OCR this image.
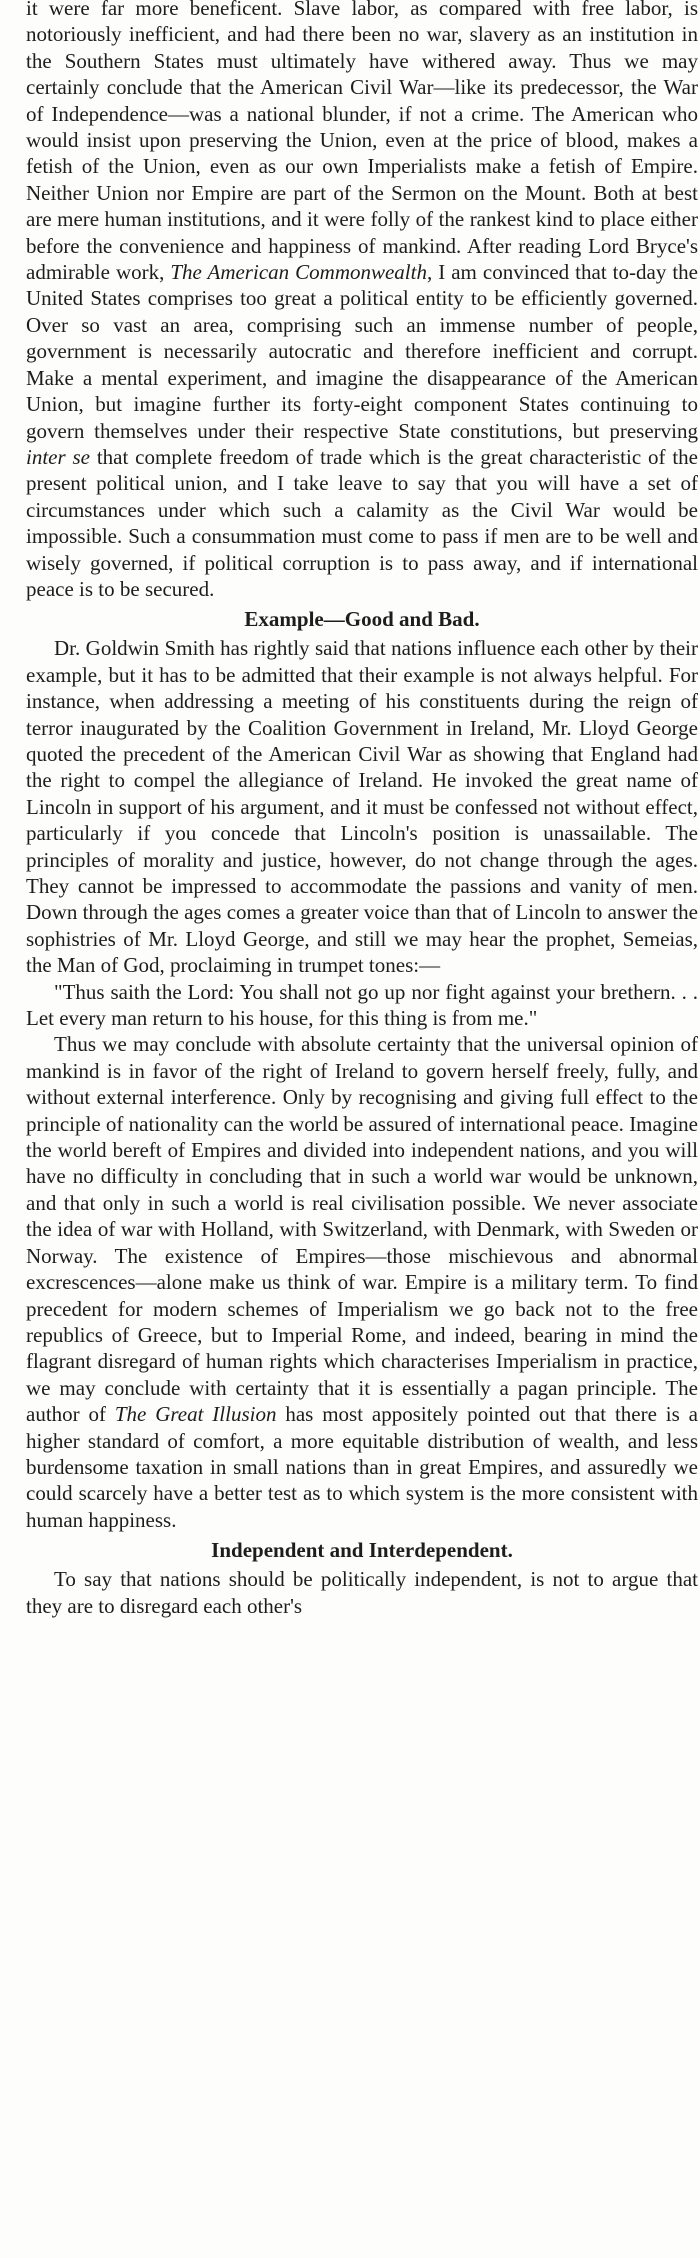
it were far more beneficent. Slave labor, as compared with free labor, is notoriously inefficient, and had there been no war, slavery as an institution in the Southern States must ultimately have withered away. Thus we may certainly conclude that the American Civil War—like its predecessor, the War of Independence—was a national blunder, if not a crime. The American who would insist upon preserving the Union, even at the price of blood, makes a fetish of the Union, even as our own Imperialists make a fetish of Empire. Neither Union nor Empire are part of the Sermon on the Mount. Both at best are mere human institutions, and it were folly of the rankest kind to place either before the convenience and happiness of mankind. After reading Lord Bryce's admirable work, The American Commonwealth, I am convinced that to-day the United States comprises too great a political entity to be efficiently governed. Over so vast an area, comprising such an immense number of people, government is necessarily autocratic and therefore inefficient and corrupt. Make a mental experiment, and imagine the disappearance of the American Union, but imagine further its forty-eight component States continuing to govern themselves under their respective State constitutions, but preserving inter se that complete freedom of trade which is the great characteristic of the present political union, and I take leave to say that you will have a set of circumstances under which such a calamity as the Civil War would be impossible. Such a consummation must come to pass if men are to be well and wisely governed, if political corruption is to pass away, and if international peace is to be secured.

Example—Good and Bad.

Dr. Goldwin Smith has rightly said that nations influence each other by their example, but it has to be admitted that their example is not always helpful. For instance, when addressing a meeting of his constituents during the reign of terror inaugurated by the Coalition Government in Ireland, Mr. Lloyd George quoted the precedent of the American Civil War as showing that England had the right to compel the allegiance of Ireland. He invoked the great name of Lincoln in support of his argument, and it must be confessed not without effect, particularly if you concede that Lincoln's position is unassailable. The principles of morality and justice, however, do not change through the ages. They cannot be impressed to accommodate the passions and vanity of men. Down through the ages comes a greater voice than that of Lincoln to answer the sophistries of Mr. Lloyd George, and still we may hear the prophet, Semeias, the Man of God, proclaiming in trumpet tones:—

"Thus saith the Lord: You shall not go up nor fight against your brethern. . . Let every man return to his house, for this thing is from me."

Thus we may conclude with absolute certainty that the universal opinion of mankind is in favor of the right of Ireland to govern herself freely, fully, and without external interference. Only by recognising and giving full effect to the principle of nationality can the world be assured of international peace. Imagine the world bereft of Empires and divided into independent nations, and you will have no difficulty in concluding that in such a world war would be unknown, and that only in such a world is real civilisation possible. We never associate the idea of war with Holland, with Switzerland, with Denmark, with Sweden or Norway. The existence of Empires—those mischievous and abnormal excrescences—alone make us think of war. Empire is a military term. To find precedent for modern schemes of Imperialism we go back not to the free republics of Greece, but to Imperial Rome, and indeed, bearing in mind the flagrant disregard of human rights which characterises Imperialism in practice, we may conclude with certainty that it is essentially a pagan principle. The author of The Great Illusion has most appositely pointed out that there is a higher standard of comfort, a more equitable distribution of wealth, and less burdensome taxation in small nations than in great Empires, and assuredly we could scarcely have a better test as to which system is the more consistent with human happiness.

Independent and Interdependent.

To say that nations should be politically independent, is not to argue that they are to disregard each other's
